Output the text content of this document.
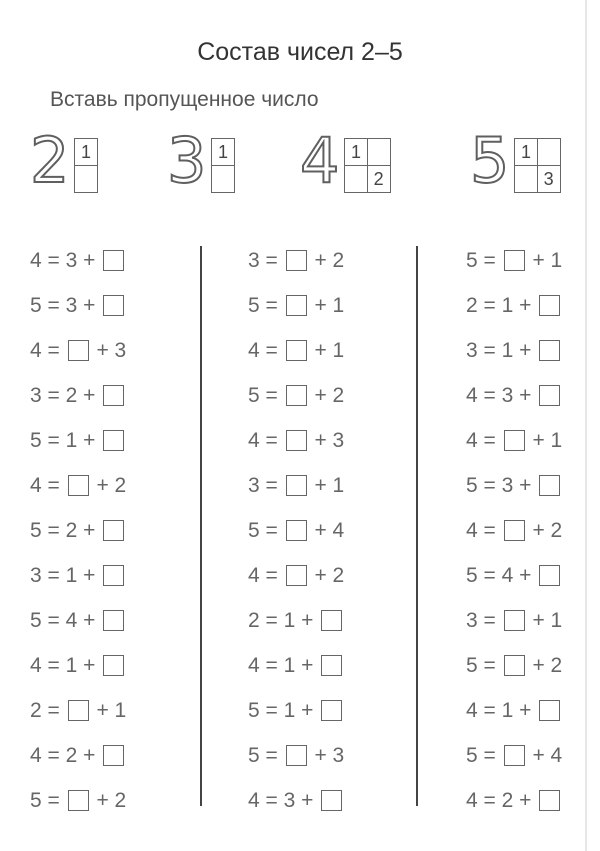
Состав чисел 2–5
Вставь пропущенное число
2 1 3 1 4 1
2 5 1
3
4 = 3 +
5 = 3 +
4 = + 3
3 = 2 +
5 = 1 +
4 = + 2
5 = 2 +
3 = 1 +
5 = 4 +
4 = 1 +
2 = + 1
4 = 2 +
5 = + 2
3 = + 2
5 = + 1
4 = + 1
5 = + 2
4 = + 3
3 = + 1
5 = + 4
4 = + 2
2 = 1 +
4 = 1 +
5 = 1 +
5 = + 3
4 = 3 +
5 = + 1
2 = 1 +
3 = 1 +
4 = 3 +
4 = + 1
5 = 3 +
4 = + 2
5 = 4 +
3 = + 1
5 = + 2
4 = 1 +
5 = + 4
4 = 2 +
